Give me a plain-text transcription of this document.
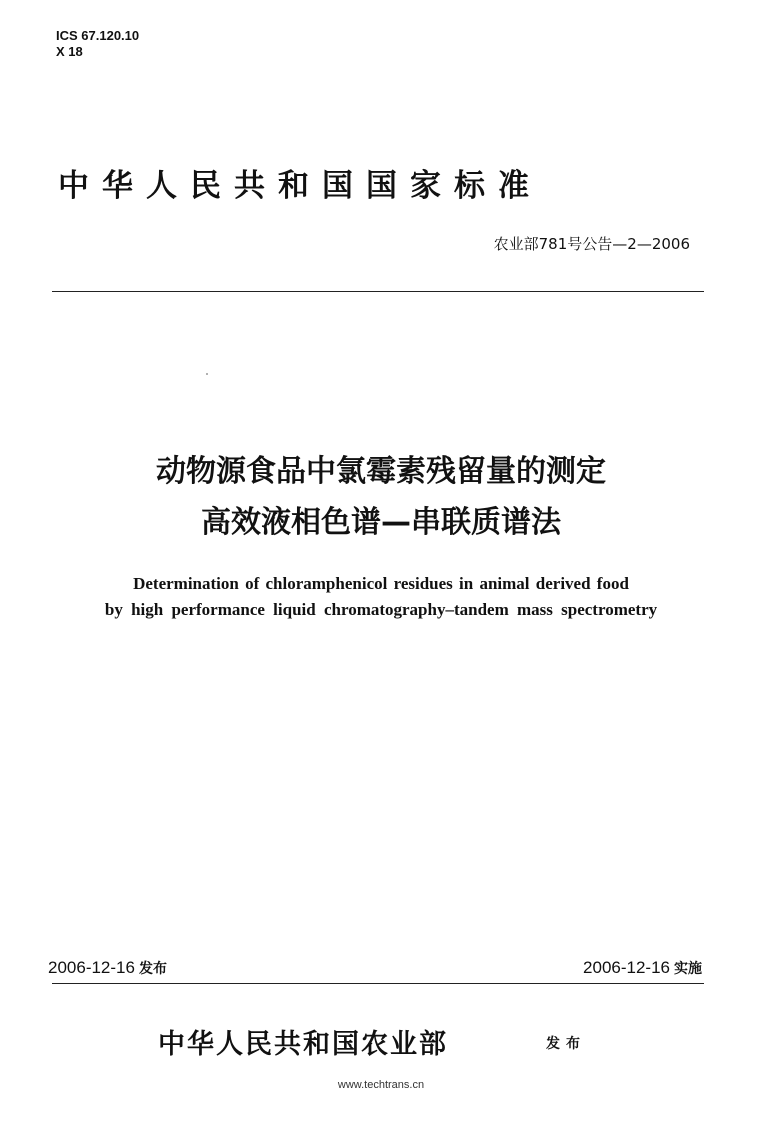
ICS 67.120.10
X 18
中华人民共和国国家标准
农业部781号公告—2—2006
动物源食品中氯霉素残留量的测定
高效液相色谱—串联质谱法
Determination of chloramphenicol residues in animal derived food
by high performance liquid chromatography–tandem mass spectrometry
2006-12-16 发布	2006-12-16 实施
中华人民共和国农业部	发布
www.techtrans.cn
